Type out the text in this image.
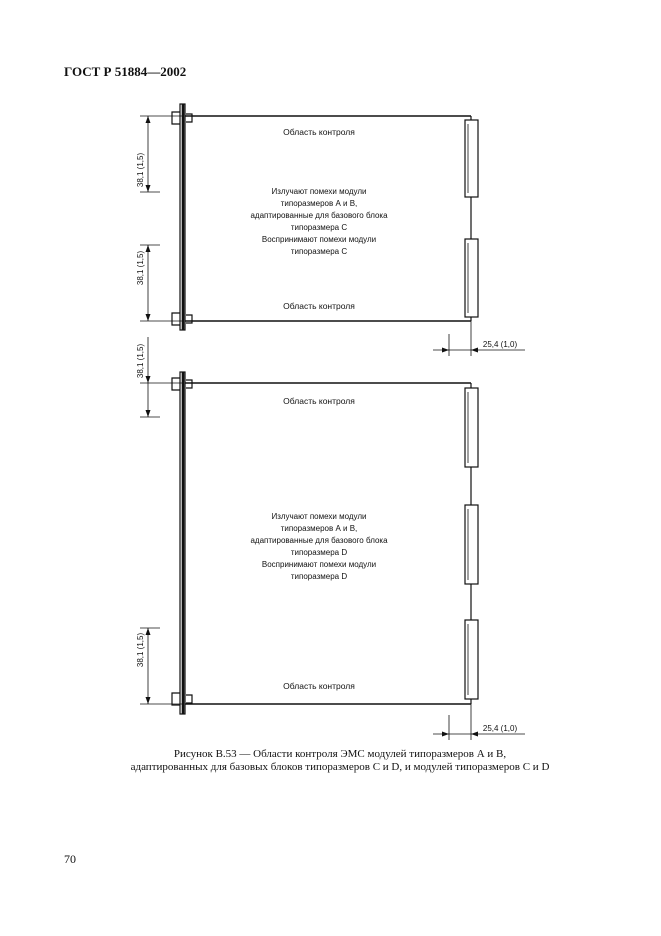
ГОСТ Р 51884—2002
Область контроля
Излучают помехи модули
типоразмеров А и В,
адаптированные для базового блока
типоразмера С
Воспринимают помехи модули
типоразмера С
Область контроля
38,1 (1,5)
38,1 (1,5)
25,4 (1,0)
Область контроля
Излучают помехи модули
типоразмеров А и В,
адаптированные для базового блока
типоразмера D
Воспринимают помехи модули
типоразмера D
Область контроля
38,1 (1,5)
38,1 (1,5)
25,4 (1,0)
Рисунок В.53 — Области контроля ЭМС модулей типоразмеров А и В,
адаптированных для базовых блоков типоразмеров С и D, и модулей типоразмеров С и D
70
